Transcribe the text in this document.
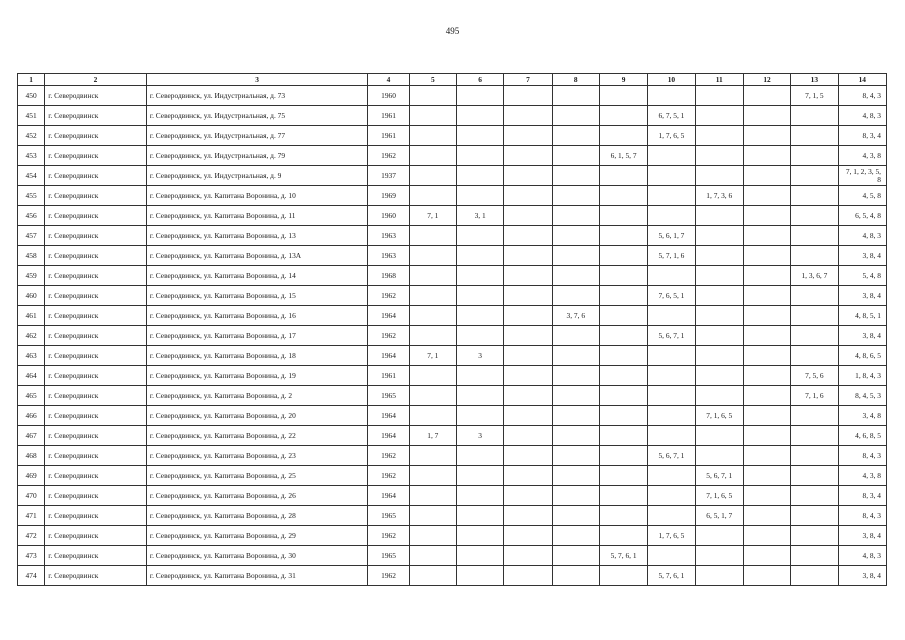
495
1	2	3	4	5	6	7	8	9	10	11	12	13	14
450	г. Северодвинск	г. Северодвинск, ул. Индустриальная, д. 73	1960									7, 1, 5	8, 4, 3
451	г. Северодвинск	г. Северодвинск, ул. Индустриальная, д. 75	1961						6, 7, 5, 1				4, 8, 3
452	г. Северодвинск	г. Северодвинск, ул. Индустриальная, д. 77	1961						1, 7, 6, 5				8, 3, 4
453	г. Северодвинск	г. Северодвинск, ул. Индустриальная, д. 79	1962					6, 1, 5, 7					4, 3, 8
454	г. Северодвинск	г. Северодвинск, ул. Индустриальная, д. 9	1937										7, 1, 2, 3, 5, 8
455	г. Северодвинск	г. Северодвинск, ул. Капитана Воронина, д. 10	1969							1, 7, 3, 6			4, 5, 8
456	г. Северодвинск	г. Северодвинск, ул. Капитана Воронина, д. 11	1960	7, 1	3, 1								6, 5, 4, 8
457	г. Северодвинск	г. Северодвинск, ул. Капитана Воронина, д. 13	1963						5, 6, 1, 7				4, 8, 3
458	г. Северодвинск	г. Северодвинск, ул. Капитана Воронина, д. 13А	1963						5, 7, 1, 6				3, 8, 4
459	г. Северодвинск	г. Северодвинск, ул. Капитана Воронина, д. 14	1968									1, 3, 6, 7	5, 4, 8
460	г. Северодвинск	г. Северодвинск, ул. Капитана Воронина, д. 15	1962						7, 6, 5, 1				3, 8, 4
461	г. Северодвинск	г. Северодвинск, ул. Капитана Воронина, д. 16	1964				3, 7, 6						4, 8, 5, 1
462	г. Северодвинск	г. Северодвинск, ул. Капитана Воронина, д. 17	1962						5, 6, 7, 1				3, 8, 4
463	г. Северодвинск	г. Северодвинск, ул. Капитана Воронина, д. 18	1964	7, 1	3								4, 8, 6, 5
464	г. Северодвинск	г. Северодвинск, ул. Капитана Воронина, д. 19	1961									7, 5, 6	1, 8, 4, 3
465	г. Северодвинск	г. Северодвинск, ул. Капитана Воронина, д. 2	1965									7, 1, 6	8, 4, 5, 3
466	г. Северодвинск	г. Северодвинск, ул. Капитана Воронина, д. 20	1964							7, 1, 6, 5			3, 4, 8
467	г. Северодвинск	г. Северодвинск, ул. Капитана Воронина, д. 22	1964	1, 7	3								4, 6, 8, 5
468	г. Северодвинск	г. Северодвинск, ул. Капитана Воронина, д. 23	1962						5, 6, 7, 1				8, 4, 3
469	г. Северодвинск	г. Северодвинск, ул. Капитана Воронина, д. 25	1962							5, 6, 7, 1			4, 3, 8
470	г. Северодвинск	г. Северодвинск, ул. Капитана Воронина, д. 26	1964							7, 1, 6, 5			8, 3, 4
471	г. Северодвинск	г. Северодвинск, ул. Капитана Воронина, д. 28	1965							6, 5, 1, 7			8, 4, 3
472	г. Северодвинск	г. Северодвинск, ул. Капитана Воронина, д. 29	1962						1, 7, 6, 5				3, 8, 4
473	г. Северодвинск	г. Северодвинск, ул. Капитана Воронина, д. 30	1965					5, 7, 6, 1					4, 8, 3
474	г. Северодвинск	г. Северодвинск, ул. Капитана Воронина, д. 31	1962						5, 7, 6, 1				3, 8, 4
